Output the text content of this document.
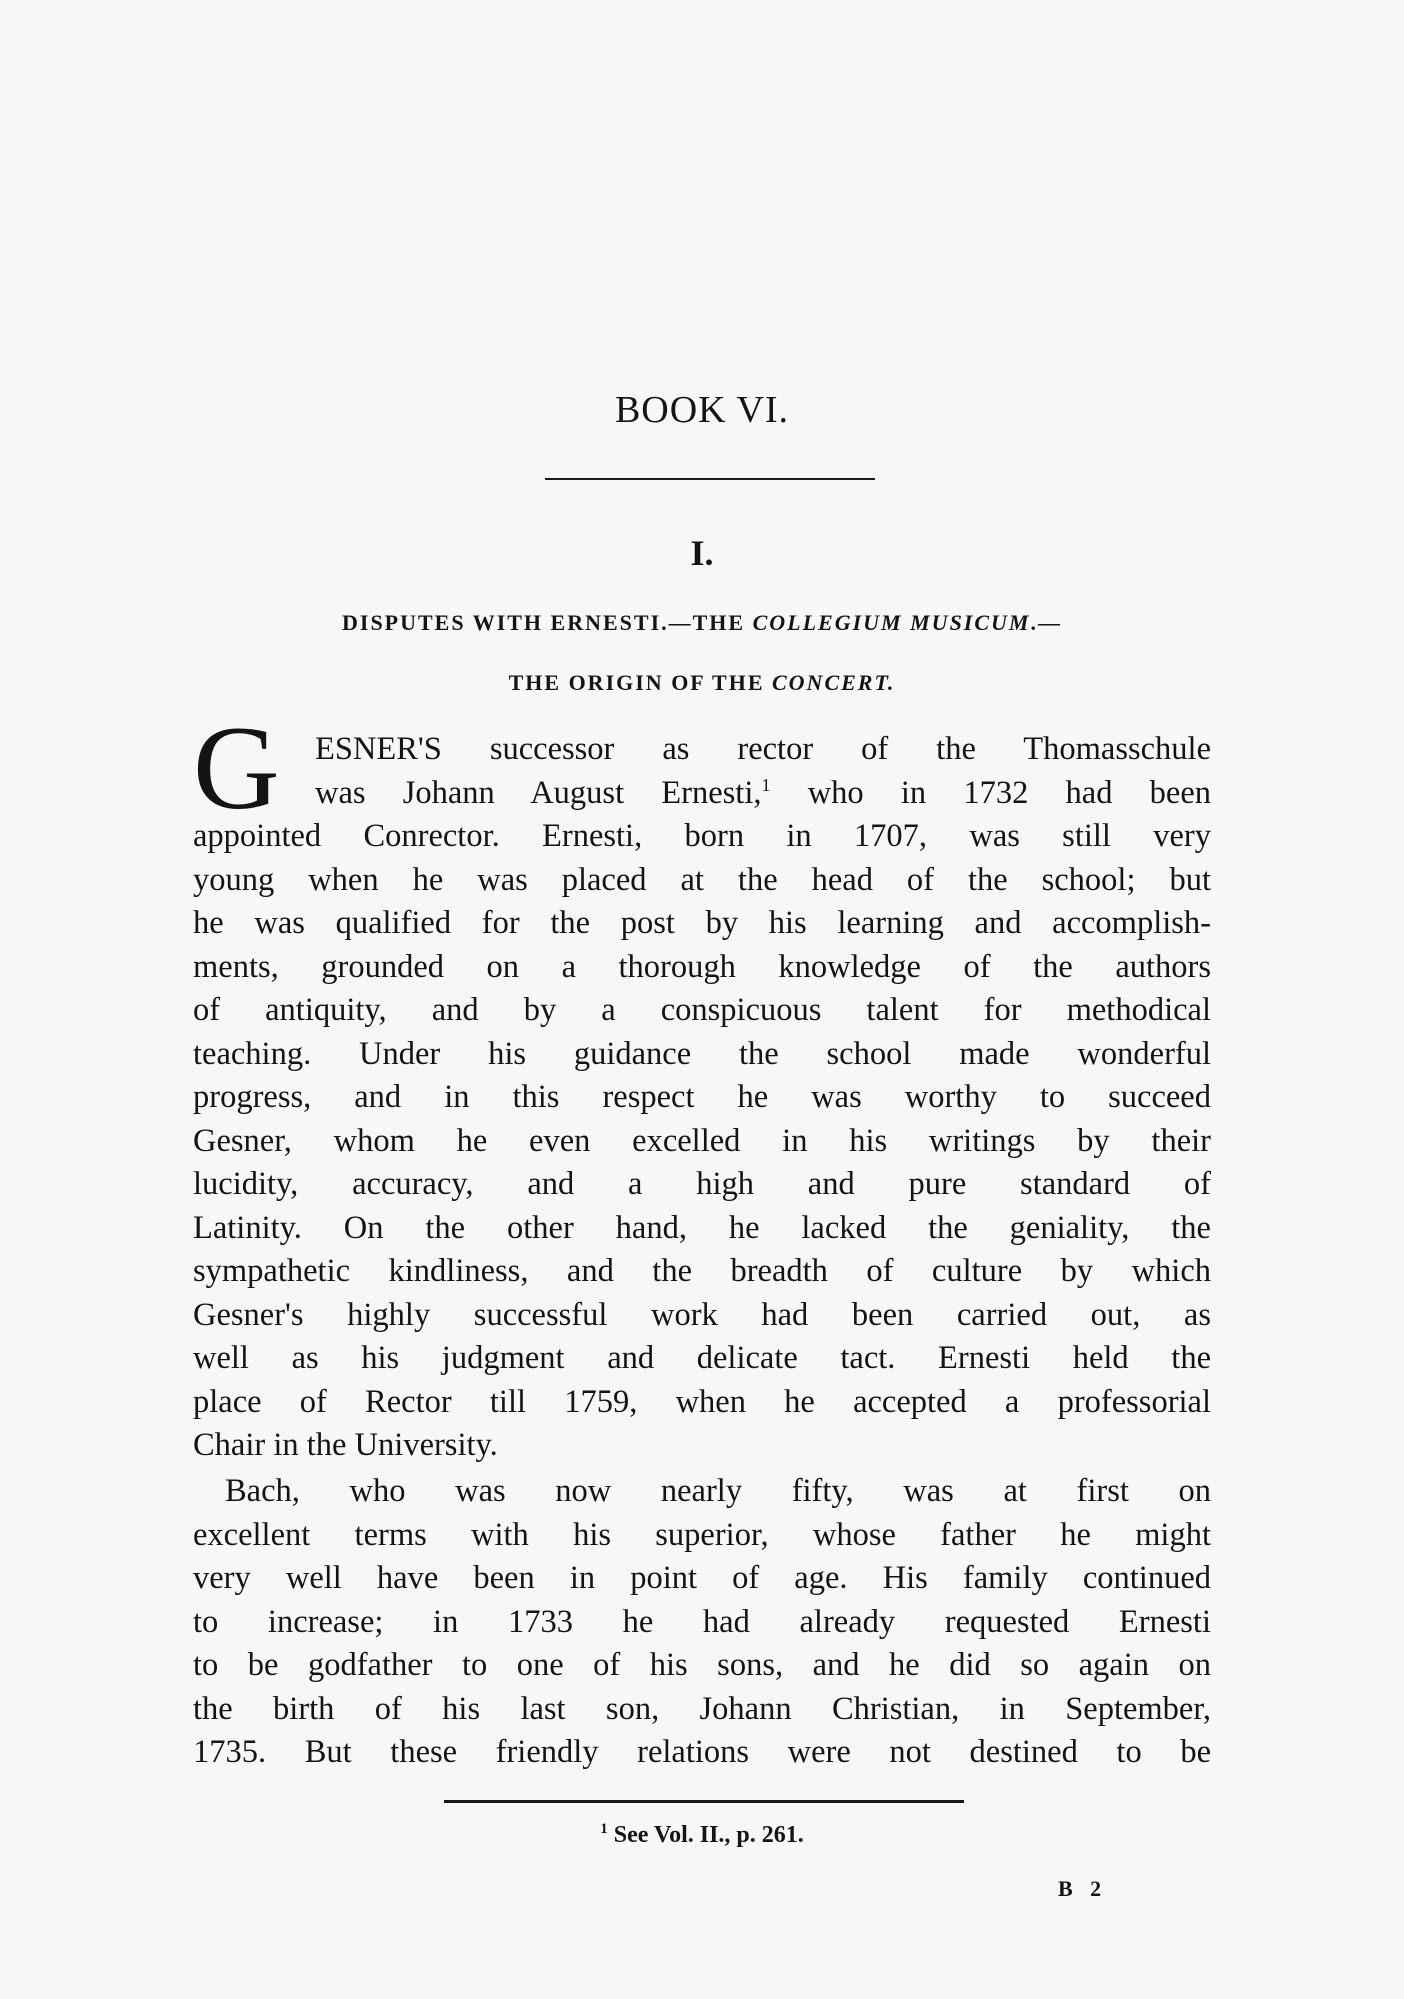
BOOK VI.
I.
DISPUTES WITH ERNESTI.—THE COLLEGIUM MUSICUM.—
THE ORIGIN OF THE CONCERT.
G	ESNER'S successor as rector of the Thomasschule
was Johann August Ernesti,$^1$ who in 1732 had been
appointed Conrector. Ernesti, born in 1707, was still very
young when he was placed at the head of the school; but
he was qualified for the post by his learning and accomplish-
ments, grounded on a thorough knowledge of the authors
of antiquity, and by a conspicuous talent for methodical
teaching. Under his guidance the school made wonderful
progress, and in this respect he was worthy to succeed
Gesner, whom he even excelled in his writings by their
lucidity, accuracy, and a high and pure standard of
Latinity. On the other hand, he lacked the geniality, the
sympathetic kindliness, and the breadth of culture by which
Gesner's highly successful work had been carried out, as
well as his judgment and delicate tact. Ernesti held the
place of Rector till 1759, when he accepted a professorial
Chair in the University.
Bach, who was now nearly fifty, was at first on
excellent terms with his superior, whose father he might
very well have been in point of age. His family continued
to increase; in 1733 he had already requested Ernesti
to be godfather to one of his sons, and he did so again on
the birth of his last son, Johann Christian, in September,
1735. But these friendly relations were not destined to be
$^1$ See Vol. II., p. 261.
B 2
